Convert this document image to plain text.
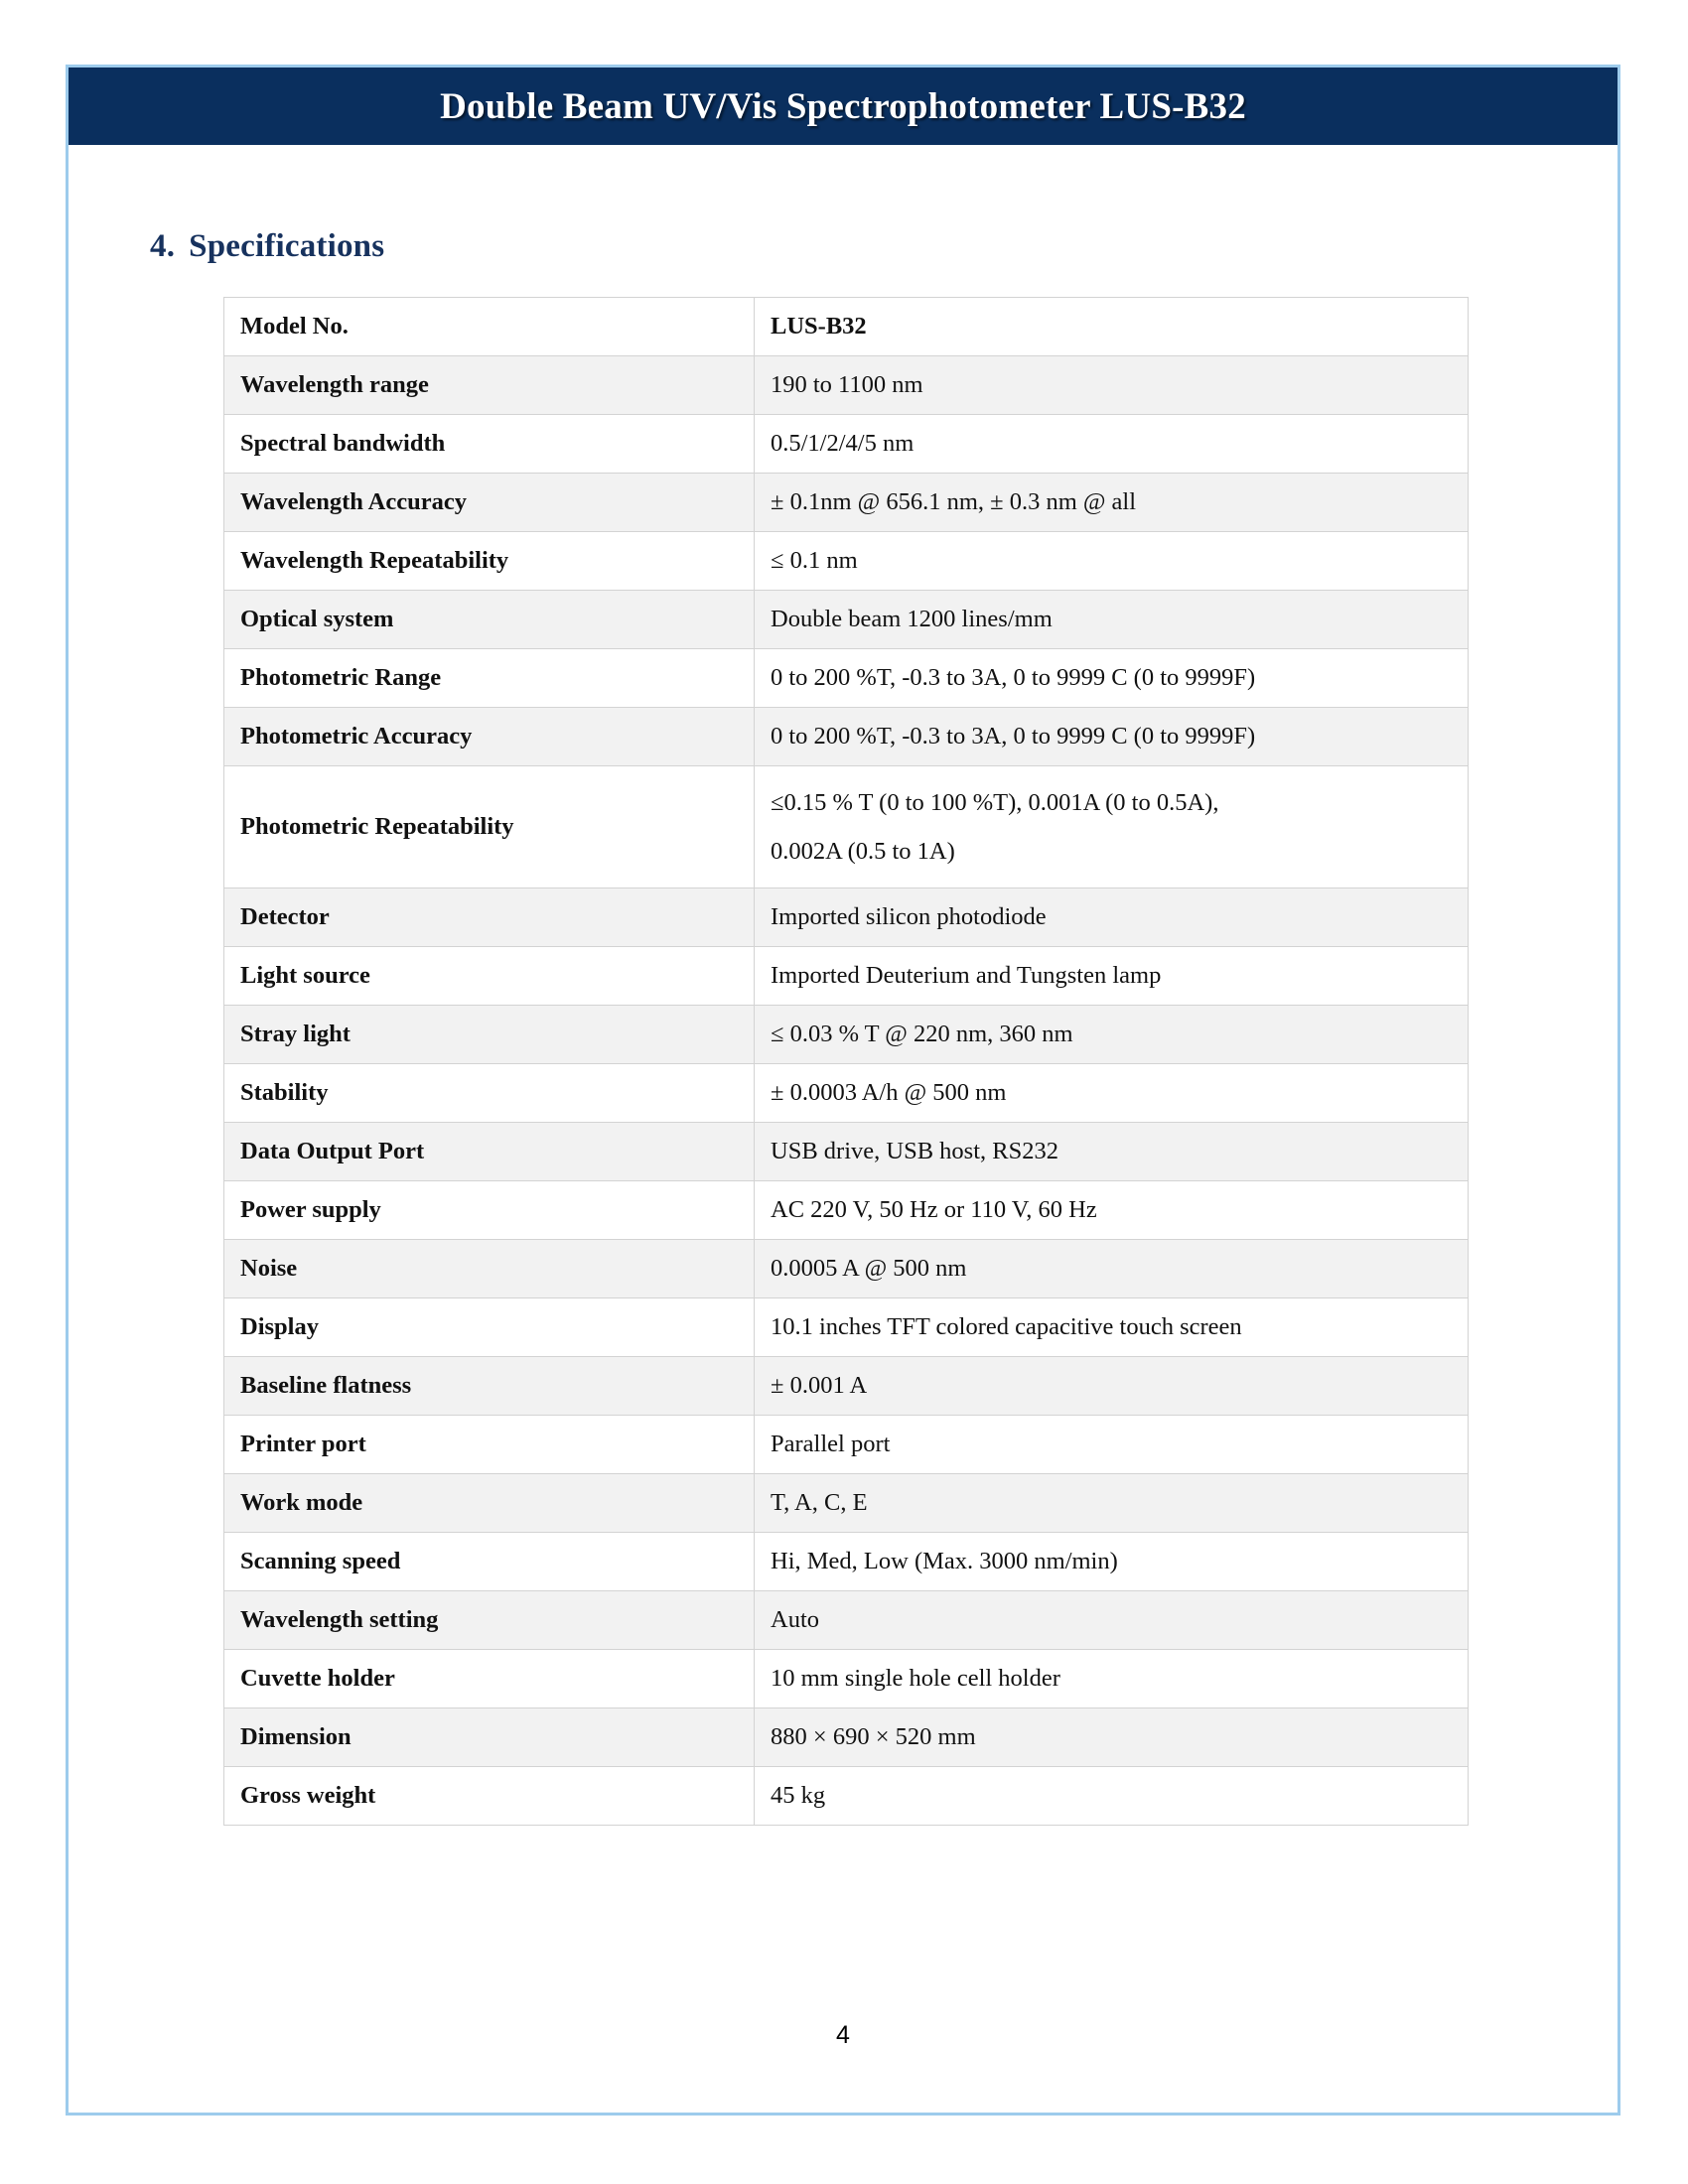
Double Beam UV/Vis Spectrophotometer LUS-B32
4. Specifications
Model No.	LUS-B32
Wavelength range	190 to 1100 nm
Spectral bandwidth	0.5/1/2/4/5 nm
Wavelength Accuracy	± 0.1nm @ 656.1 nm, ± 0.3 nm @ all
Wavelength Repeatability	≤ 0.1 nm
Optical system	Double beam 1200 lines/mm
Photometric Range	0 to 200 %T, -0.3 to 3A, 0 to 9999 C (0 to 9999F)
Photometric Accuracy	0 to 200 %T, -0.3 to 3A, 0 to 9999 C (0 to 9999F)
Photometric Repeatability	≤0.15 % T (0 to 100 %T), 0.001A (0 to 0.5A),
0.002A (0.5 to 1A)

Detector	Imported silicon photodiode
Light source	Imported Deuterium and Tungsten lamp
Stray light	≤ 0.03 % T @ 220 nm, 360 nm
Stability	± 0.0003 A/h @ 500 nm
Data Output Port	USB drive, USB host, RS232
Power supply	AC 220 V, 50 Hz or 110 V, 60 Hz
Noise	0.0005 A @ 500 nm
Display	10.1 inches TFT colored capacitive touch screen
Baseline flatness	± 0.001 A
Printer port	Parallel port
Work mode	T, A, C, E
Scanning speed	Hi, Med, Low (Max. 3000 nm/min)
Wavelength setting	Auto
Cuvette holder	10 mm single hole cell holder
Dimension	880 × 690 × 520 mm
Gross weight	45 kg
4
